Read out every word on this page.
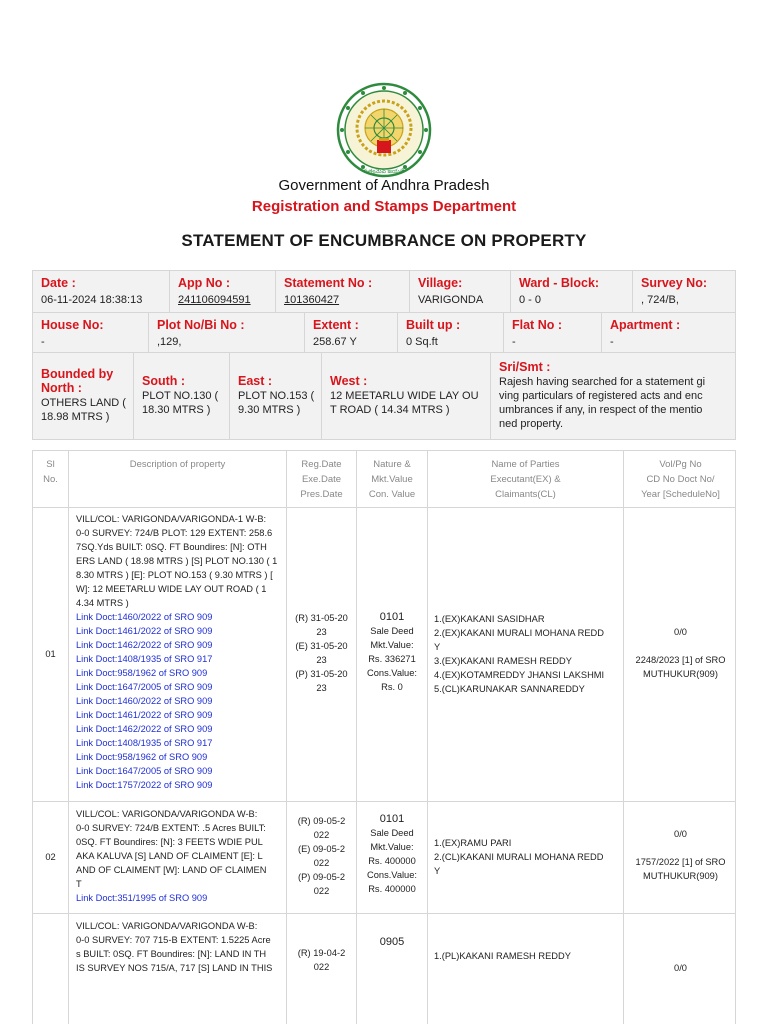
సత్యమేవ జయతే
Government of Andhra Pradesh
Registration and Stamps Department
STATEMENT OF ENCUMBRANCE ON PROPERTY
Date :
06-11-2024 18:38:13
App No :
241106094591
Statement No :
101360427
Village:
VARIGONDA
Ward - Block:
0 - 0
Survey No:
, 724/B,
House No:
-
Plot No/Bi No :
,129,
Extent :
258.67 Y
Built up :
0 Sq.ft
Flat No :
-
Apartment :
-
Bounded by
North :
OTHERS LAND (
18.98 MTRS )
South :
PLOT NO.130 (
18.30 MTRS )
East :
PLOT NO.153 (
9.30 MTRS )
West :
12 MEETARLU WIDE LAY OU
T ROAD ( 14.34 MTRS )
Sri/Smt :
Rajesh having searched for a statement gi
ving particulars of registered acts and enc
umbrances if any, in respect of the mentio
ned property.
Sl
No.
Description of property	Reg.Date
Exe.Date
Pres.Date
Nature &
Mkt.Value
Con. Value
Name of Parties
Executant(EX) &
Claimants(CL)
Vol/Pg No
CD No Doct No/
Year [ScheduleNo]
01
VILL/COL: VARIGONDA/VARIGONDA-1 W-B:
0-0 SURVEY: 724/B PLOT: 129 EXTENT: 258.6
7SQ.Yds BUILT: 0SQ. FT Boundires: [N]: OTH
ERS LAND ( 18.98 MTRS ) [S] PLOT NO.130 ( 1
8.30 MTRS ) [E]: PLOT NO.153 ( 9.30 MTRS ) [
W]: 12 MEETARLU WIDE LAY OUT ROAD ( 1
4.34 MTRS )
Link Doct:1460/2022 of SRO 909
Link Doct:1461/2022 of SRO 909
Link Doct:1462/2022 of SRO 909
Link Doct:1408/1935 of SRO 917
Link Doct:958/1962 of SRO 909
Link Doct:1647/2005 of SRO 909
Link Doct:1460/2022 of SRO 909
Link Doct:1461/2022 of SRO 909
Link Doct:1462/2022 of SRO 909
Link Doct:1408/1935 of SRO 917
Link Doct:958/1962 of SRO 909
Link Doct:1647/2005 of SRO 909
Link Doct:1757/2022 of SRO 909
(R) 31-05-20
23
(E) 31-05-20
23
(P) 31-05-20
23
0101
Sale Deed
Mkt.Value:
Rs. 336271
Cons.Value:
Rs. 0
1.(EX)KAKANI SASIDHAR
2.(EX)KAKANI MURALI MOHANA REDD
Y
3.(EX)KAKANI RAMESH REDDY
4.(EX)KOTAMREDDY JHANSI LAKSHMI
5.(CL)KARUNAKAR SANNAREDDY
0/0
2248/2023 [1] of SRO
MUTHUKUR(909)
02
VILL/COL: VARIGONDA/VARIGONDA W-B:
0-0 SURVEY: 724/B EXTENT: .5 Acres BUILT:
0SQ. FT Boundires: [N]: 3 FEETS WDIE PUL
AKA KALUVA [S] LAND OF CLAIMENT [E]: L
AND OF CLAIMENT [W]: LAND OF CLAIMEN
T
Link Doct:351/1995 of SRO 909
(R) 09-05-2
022
(E) 09-05-2
022
(P) 09-05-2
022
0101
Sale Deed
Mkt.Value:
Rs. 400000
Cons.Value:
Rs. 400000
1.(EX)RAMU PARI
2.(CL)KAKANI MURALI MOHANA REDD
Y
0/0
1757/2022 [1] of SRO
MUTHUKUR(909)
VILL/COL: VARIGONDA/VARIGONDA W-B:
0-0 SURVEY: 707 715-B EXTENT: 1.5225 Acre
s BUILT: 0SQ. FT Boundires: [N]: LAND IN TH
IS SURVEY NOS 715/A, 717 [S] LAND IN THIS
(R) 19-04-2
022
0905
1.(PL)KAKANI RAMESH REDDY
0/0
